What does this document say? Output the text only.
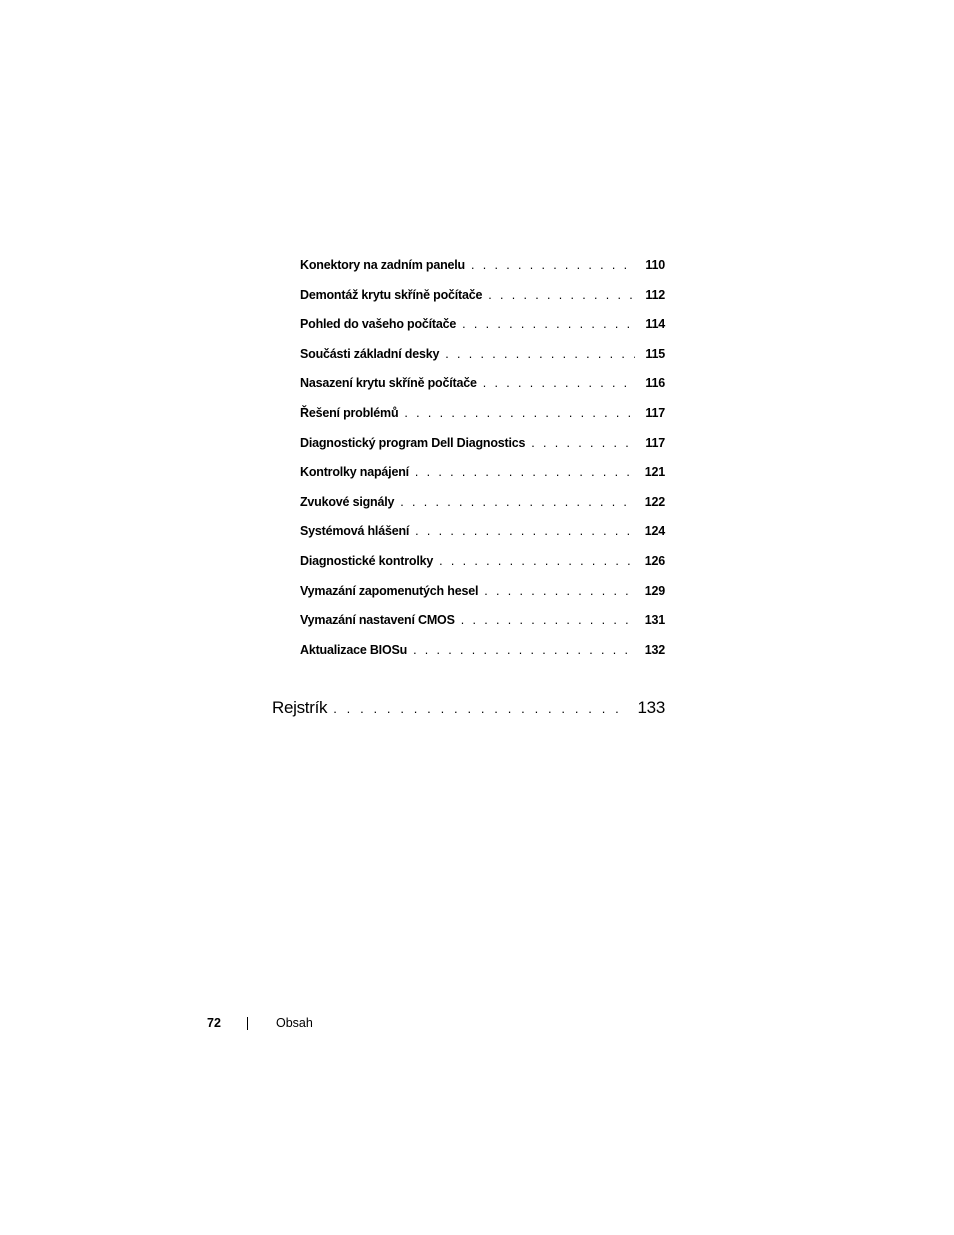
Konektory na zadním panelu . . .	110
Demontáž krytu skříně počítače . . .	112
Pohled do vašeho počítače . . .	114
Součásti základní desky . . .	115
Nasazení krytu skříně počítače . . .	116
Řešení problémů . . .	117
Diagnostický program Dell Diagnostics . . .	117
Kontrolky napájení . . .	121
Zvukové signály . . .	122
Systémová hlášení . . .	124
Diagnostické kontrolky . . .	126
Vymazání zapomenutých hesel . . .	129
Vymazání nastavení CMOS . . .	131
Aktualizace BIOSu . . .	132
Rejstrík . . .	133
72	Obsah
